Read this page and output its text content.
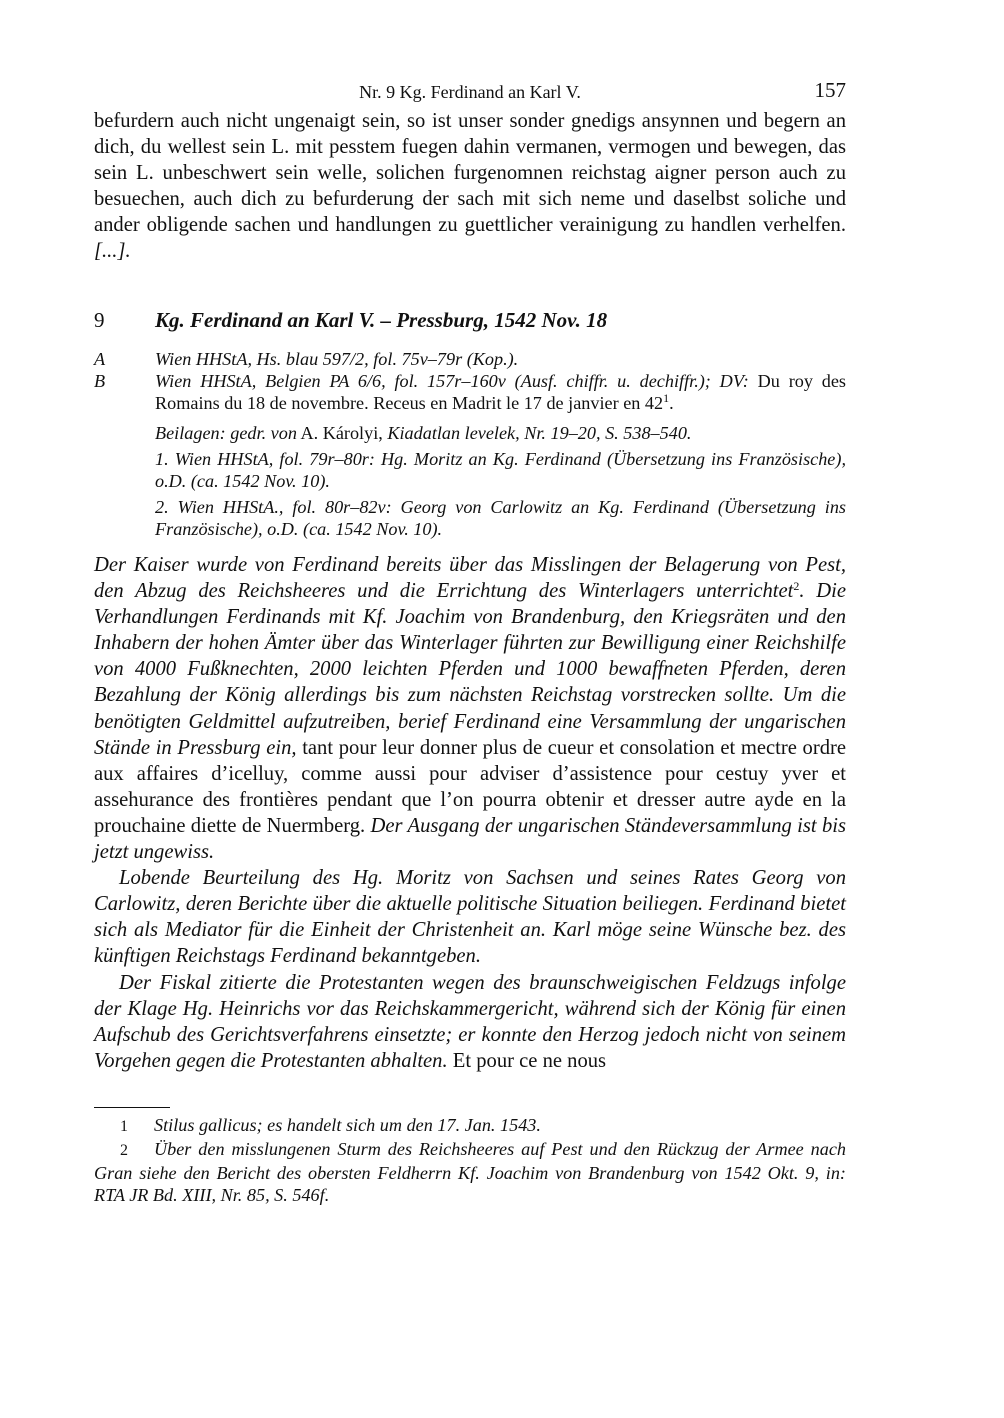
Nr. 9 Kg. Ferdinand an Karl V.	157

befurdern auch nicht ungenaigt sein, so ist unser sonder gnedigs ansynnen und begern an dich, du wellest sein L. mit pesstem fuegen dahin vermanen, vermogen und bewegen, das sein L. unbeschwert sein welle, solichen furgenomnen reichstag aigner person auch zu besuechen, auch dich zu befurderung der sach mit sich neme und daselbst soliche und ander obligende sachen und handlungen zu guettlicher verainigung zu handlen verhelfen. [...].

9	Kg. Ferdinand an Karl V. – Pressburg, 1542 Nov. 18
A	Wien HHStA, Hs. blau 597/2, fol. 75v–79r (Kop.).
B	Wien HHStA, Belgien PA 6/6, fol. 157r–160v (Ausf. chiffr. u. dechiffr.); DV: Du roy des Romains du 18 de novembre. Receus en Madrit le 17 de janvier en $42^1$.
Beilagen: gedr. von A. Károlyi, Kiadatlan levelek, Nr. 19–20, S. 538–540.
1. Wien HHStA, fol. 79r–80r: Hg. Moritz an Kg. Ferdinand (Übersetzung ins Französische), o.D. (ca. 1542 Nov. 10).
2. Wien HHStA., fol. 80r–82v: Georg von Carlowitz an Kg. Ferdinand (Übersetzung ins Französische), o.D. (ca. 1542 Nov. 10).

Der Kaiser wurde von Ferdinand bereits über das Misslingen der Belagerung von Pest, den Abzug des Reichsheeres und die Errichtung des Winterlagers unterrichtet$^2$. Die Verhandlungen Ferdinands mit Kf. Joachim von Brandenburg, den Kriegsräten und den Inhabern der hohen Ämter über das Winterlager führten zur Bewilligung einer Reichshilfe von 4000 Fußknechten, 2000 leichten Pferden und 1000 bewaffneten Pferden, deren Bezahlung der König allerdings bis zum nächsten Reichstag vorstrecken sollte. Um die benötigten Geldmittel aufzutreiben, berief Ferdinand eine Versammlung der ungarischen Stände in Pressburg ein, tant pour leur donner plus de cueur et consolation et mectre ordre aux affaires d’icelluy, comme aussi pour adviser d’assistence pour cestuy yver et assehurance des frontières pendant que l’on pourra obtenir et dresser autre ayde en la prouchaine diette de Nuermberg. Der Ausgang der ungarischen Ständeversammlung ist bis jetzt ungewiss.

Lobende Beurteilung des Hg. Moritz von Sachsen und seines Rates Georg von Carlowitz, deren Berichte über die aktuelle politische Situation beiliegen. Ferdinand bietet sich als Mediator für die Einheit der Christenheit an. Karl möge seine Wünsche bez. des künftigen Reichstags Ferdinand bekanntgeben.

Der Fiskal zitierte die Protestanten wegen des braunschweigischen Feldzugs infolge der Klage Hg. Heinrichs vor das Reichskammergericht, während sich der König für einen Aufschub des Gerichtsverfahrens einsetzte; er konnte den Herzog jedoch nicht von seinem Vorgehen gegen die Protestanten abhalten. Et pour ce ne nous

1 Stilus gallicus; es handelt sich um den 17. Jan. 1543.
2 Über den misslungenen Sturm des Reichsheeres auf Pest und den Rückzug der Armee nach Gran siehe den Bericht des obersten Feldherrn Kf. Joachim von Brandenburg von 1542 Okt. 9, in: RTA JR Bd. XIII, Nr. 85, S. 546f.
